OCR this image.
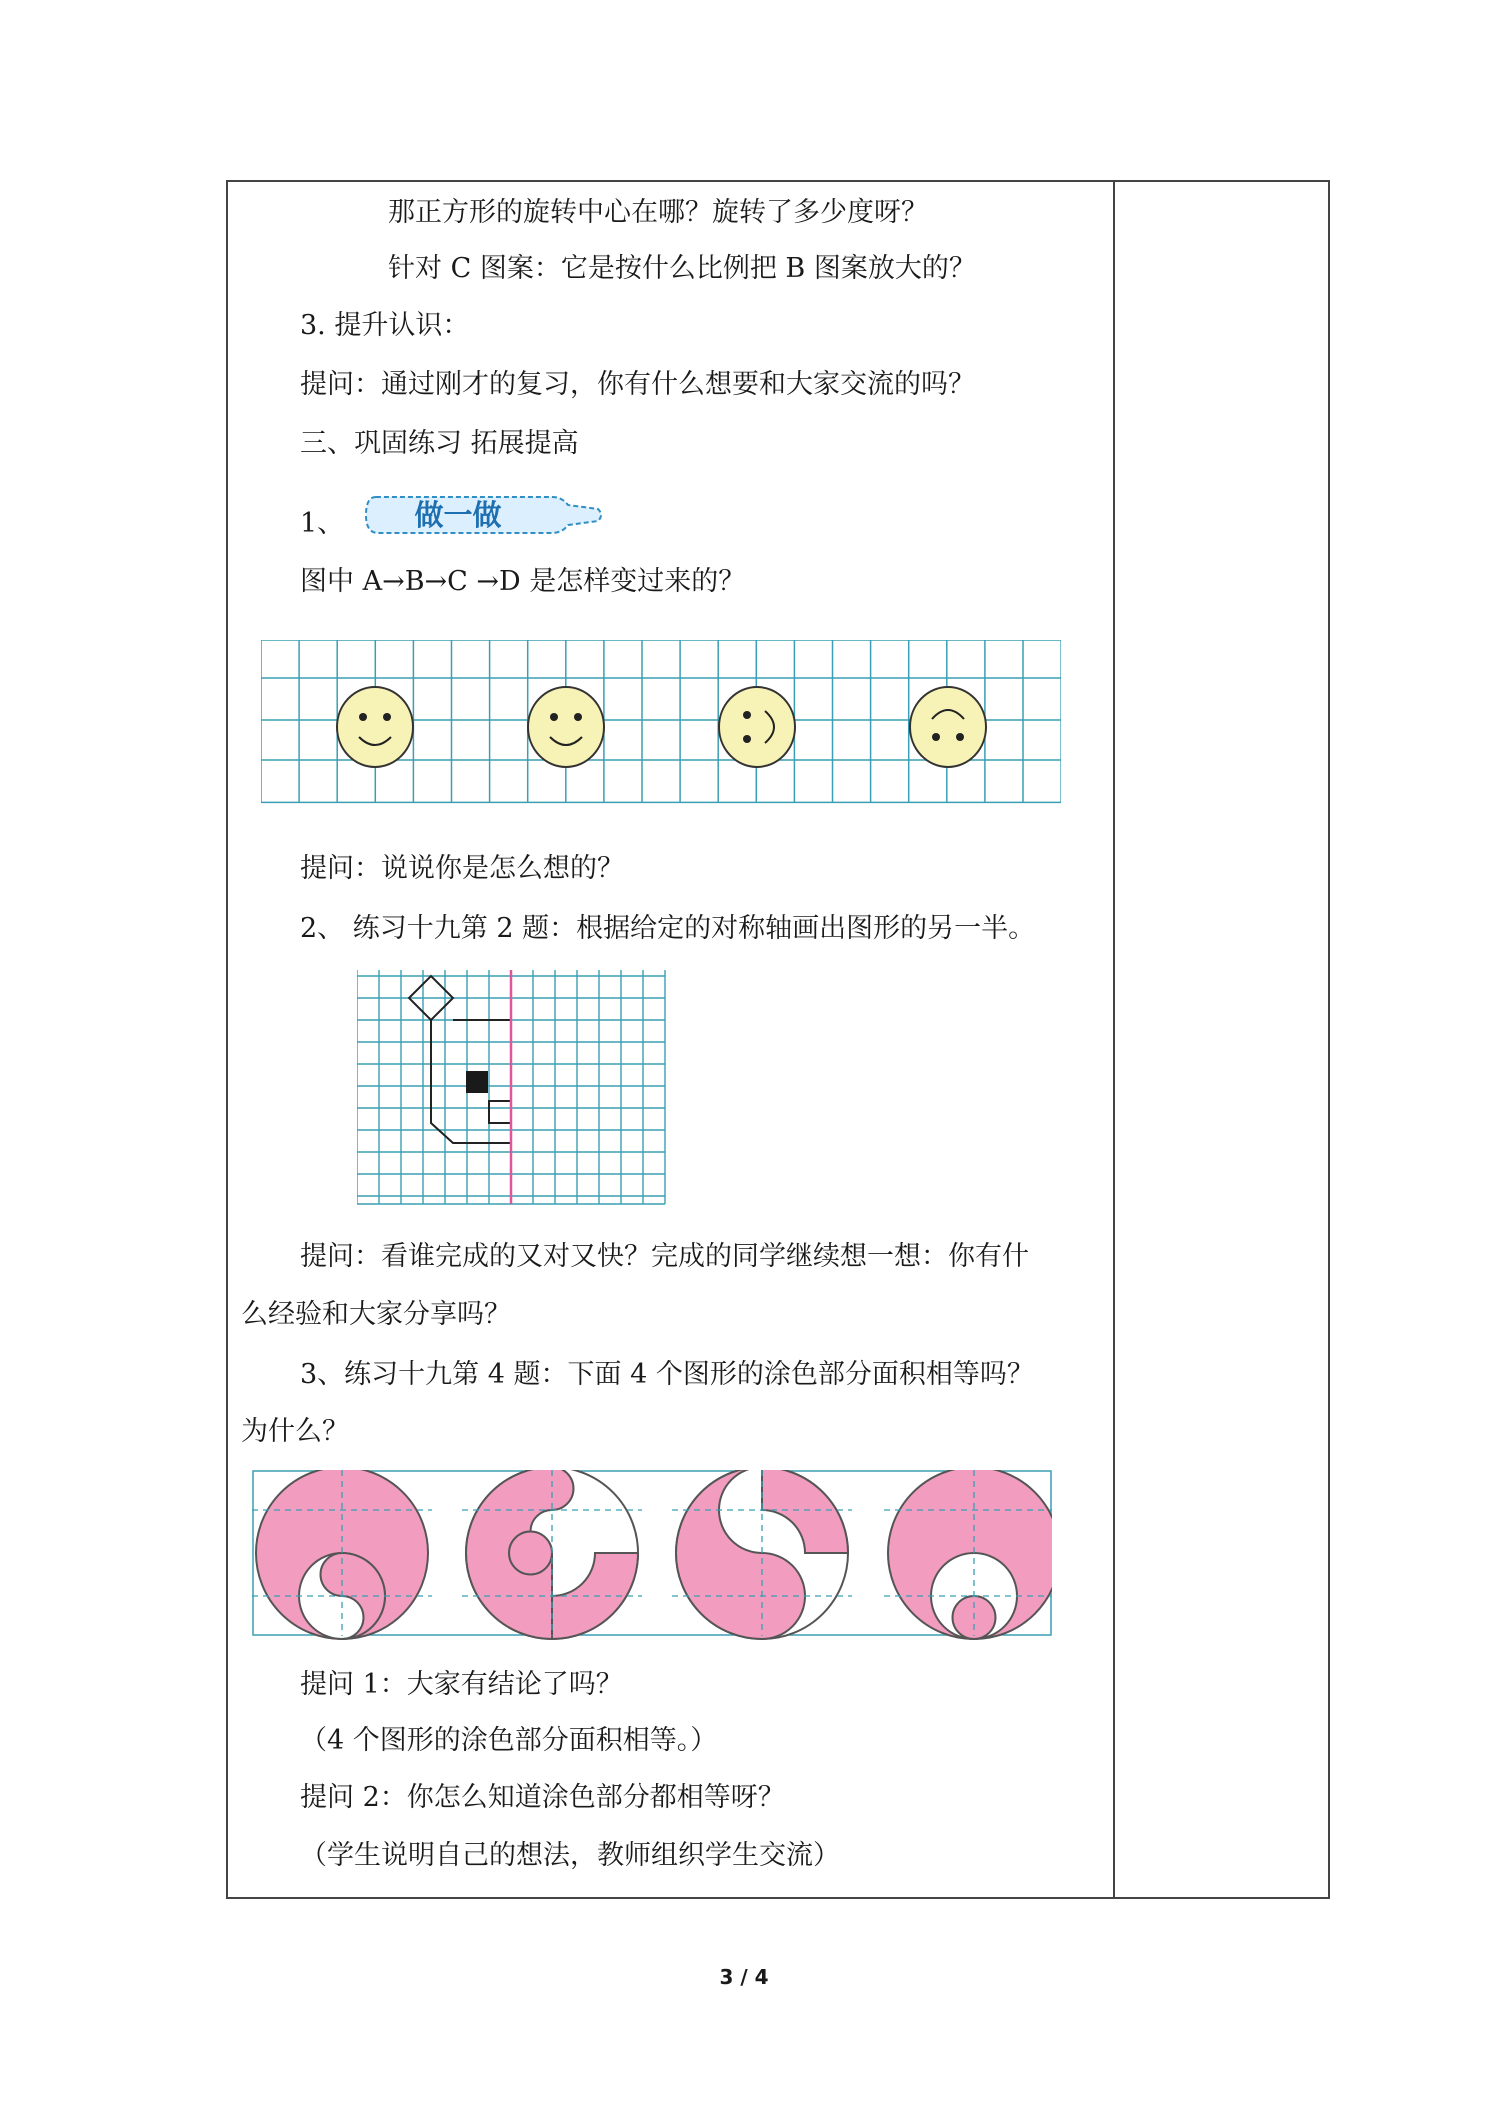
那正方形的旋转中心在哪？旋转了多少度呀？
针对 C 图案：它是按什么比例把 B 图案放大的？
3. 提升认识：
提问：通过刚才的复习，你有什么想要和大家交流的吗？
三、巩固练习 拓展提高
1、 做一做
图中 A→B→C →D 是怎样变过来的？
提问：说说你是怎么想的？
2、 练习十九第 2 题：根据给定的对称轴画出图形的另一半。
提问：看谁完成的又对又快？完成的同学继续想一想：你有什
么经验和大家分享吗？
3、练习十九第 4 题：下面 4 个图形的涂色部分面积相等吗？
为什么？
提问 1：大家有结论了吗？
（4 个图形的涂色部分面积相等。）
提问 2：你怎么知道涂色部分都相等呀？
（学生说明自己的想法，教师组织学生交流）
3 / 4
